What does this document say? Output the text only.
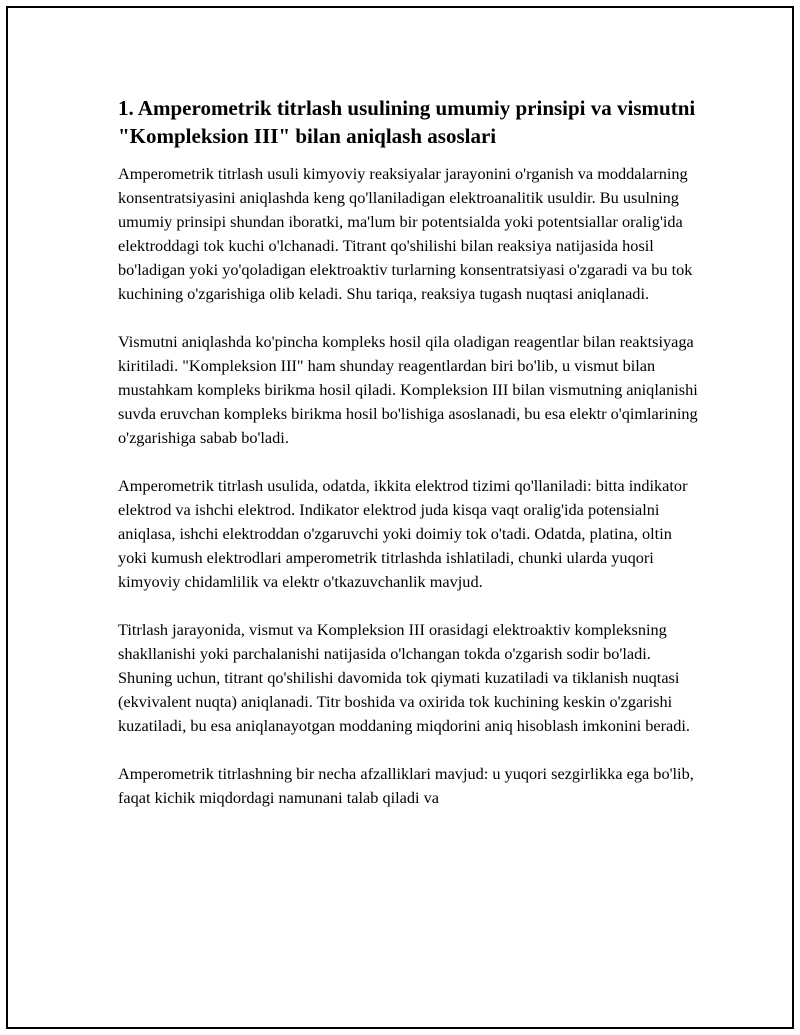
1. Amperometrik titrlash usulining umumiy prinsipi va vismutni "Kompleksion III" bilan aniqlash asoslari

Amperometrik titrlash usuli kimyoviy reaksiyalar jarayonini o'rganish va moddalarning konsentratsiyasini aniqlashda keng qo'llaniladigan elektroanalitik usuldir. Bu usulning umumiy prinsipi shundan iboratki, ma'lum bir potentsialda yoki potentsiallar oralig'ida elektroddagi tok kuchi o'lchanadi. Titrant qo'shilishi bilan reaksiya natijasida hosil bo'ladigan yoki yo'qoladigan elektroaktiv turlarning konsentratsiyasi o'zgaradi va bu tok kuchining o'zgarishiga olib keladi. Shu tariqa, reaksiya tugash nuqtasi aniqlanadi.

Vismutni aniqlashda ko'pincha kompleks hosil qila oladigan reagentlar bilan reaktsiyaga kiritiladi. "Kompleksion III" ham shunday reagentlardan biri bo'lib, u vismut bilan mustahkam kompleks birikma hosil qiladi. Kompleksion III bilan vismutning aniqlanishi suvda eruvchan kompleks birikma hosil bo'lishiga asoslanadi, bu esa elektr o'qimlarining o'zgarishiga sabab bo'ladi.

Amperometrik titrlash usulida, odatda, ikkita elektrod tizimi qo'llaniladi: bitta indikator elektrod va ishchi elektrod. Indikator elektrod juda kisqa vaqt oralig'ida potensialni aniqlasa, ishchi elektroddan o'zgaruvchi yoki doimiy tok o'tadi. Odatda, platina, oltin yoki kumush elektrodlari amperometrik titrlashda ishlatiladi, chunki ularda yuqori kimyoviy chidamlilik va elektr o'tkazuvchanlik mavjud.

Titrlash jarayonida, vismut va Kompleksion III orasidagi elektroaktiv kompleksning shakllanishi yoki parchalanishi natijasida o'lchangan tokda o'zgarish sodir bo'ladi. Shuning uchun, titrant qo'shilishi davomida tok qiymati kuzatiladi va tiklanish nuqtasi (ekvivalent nuqta) aniqlanadi. Titr boshida va oxirida tok kuchining keskin o'zgarishi kuzatiladi, bu esa aniqlanayotgan moddaning miqdorini aniq hisoblash imkonini beradi.

Amperometrik titrlashning bir necha afzalliklari mavjud: u yuqori sezgirlikka ega bo'lib, faqat kichik miqdordagi namunani talab qiladi va
